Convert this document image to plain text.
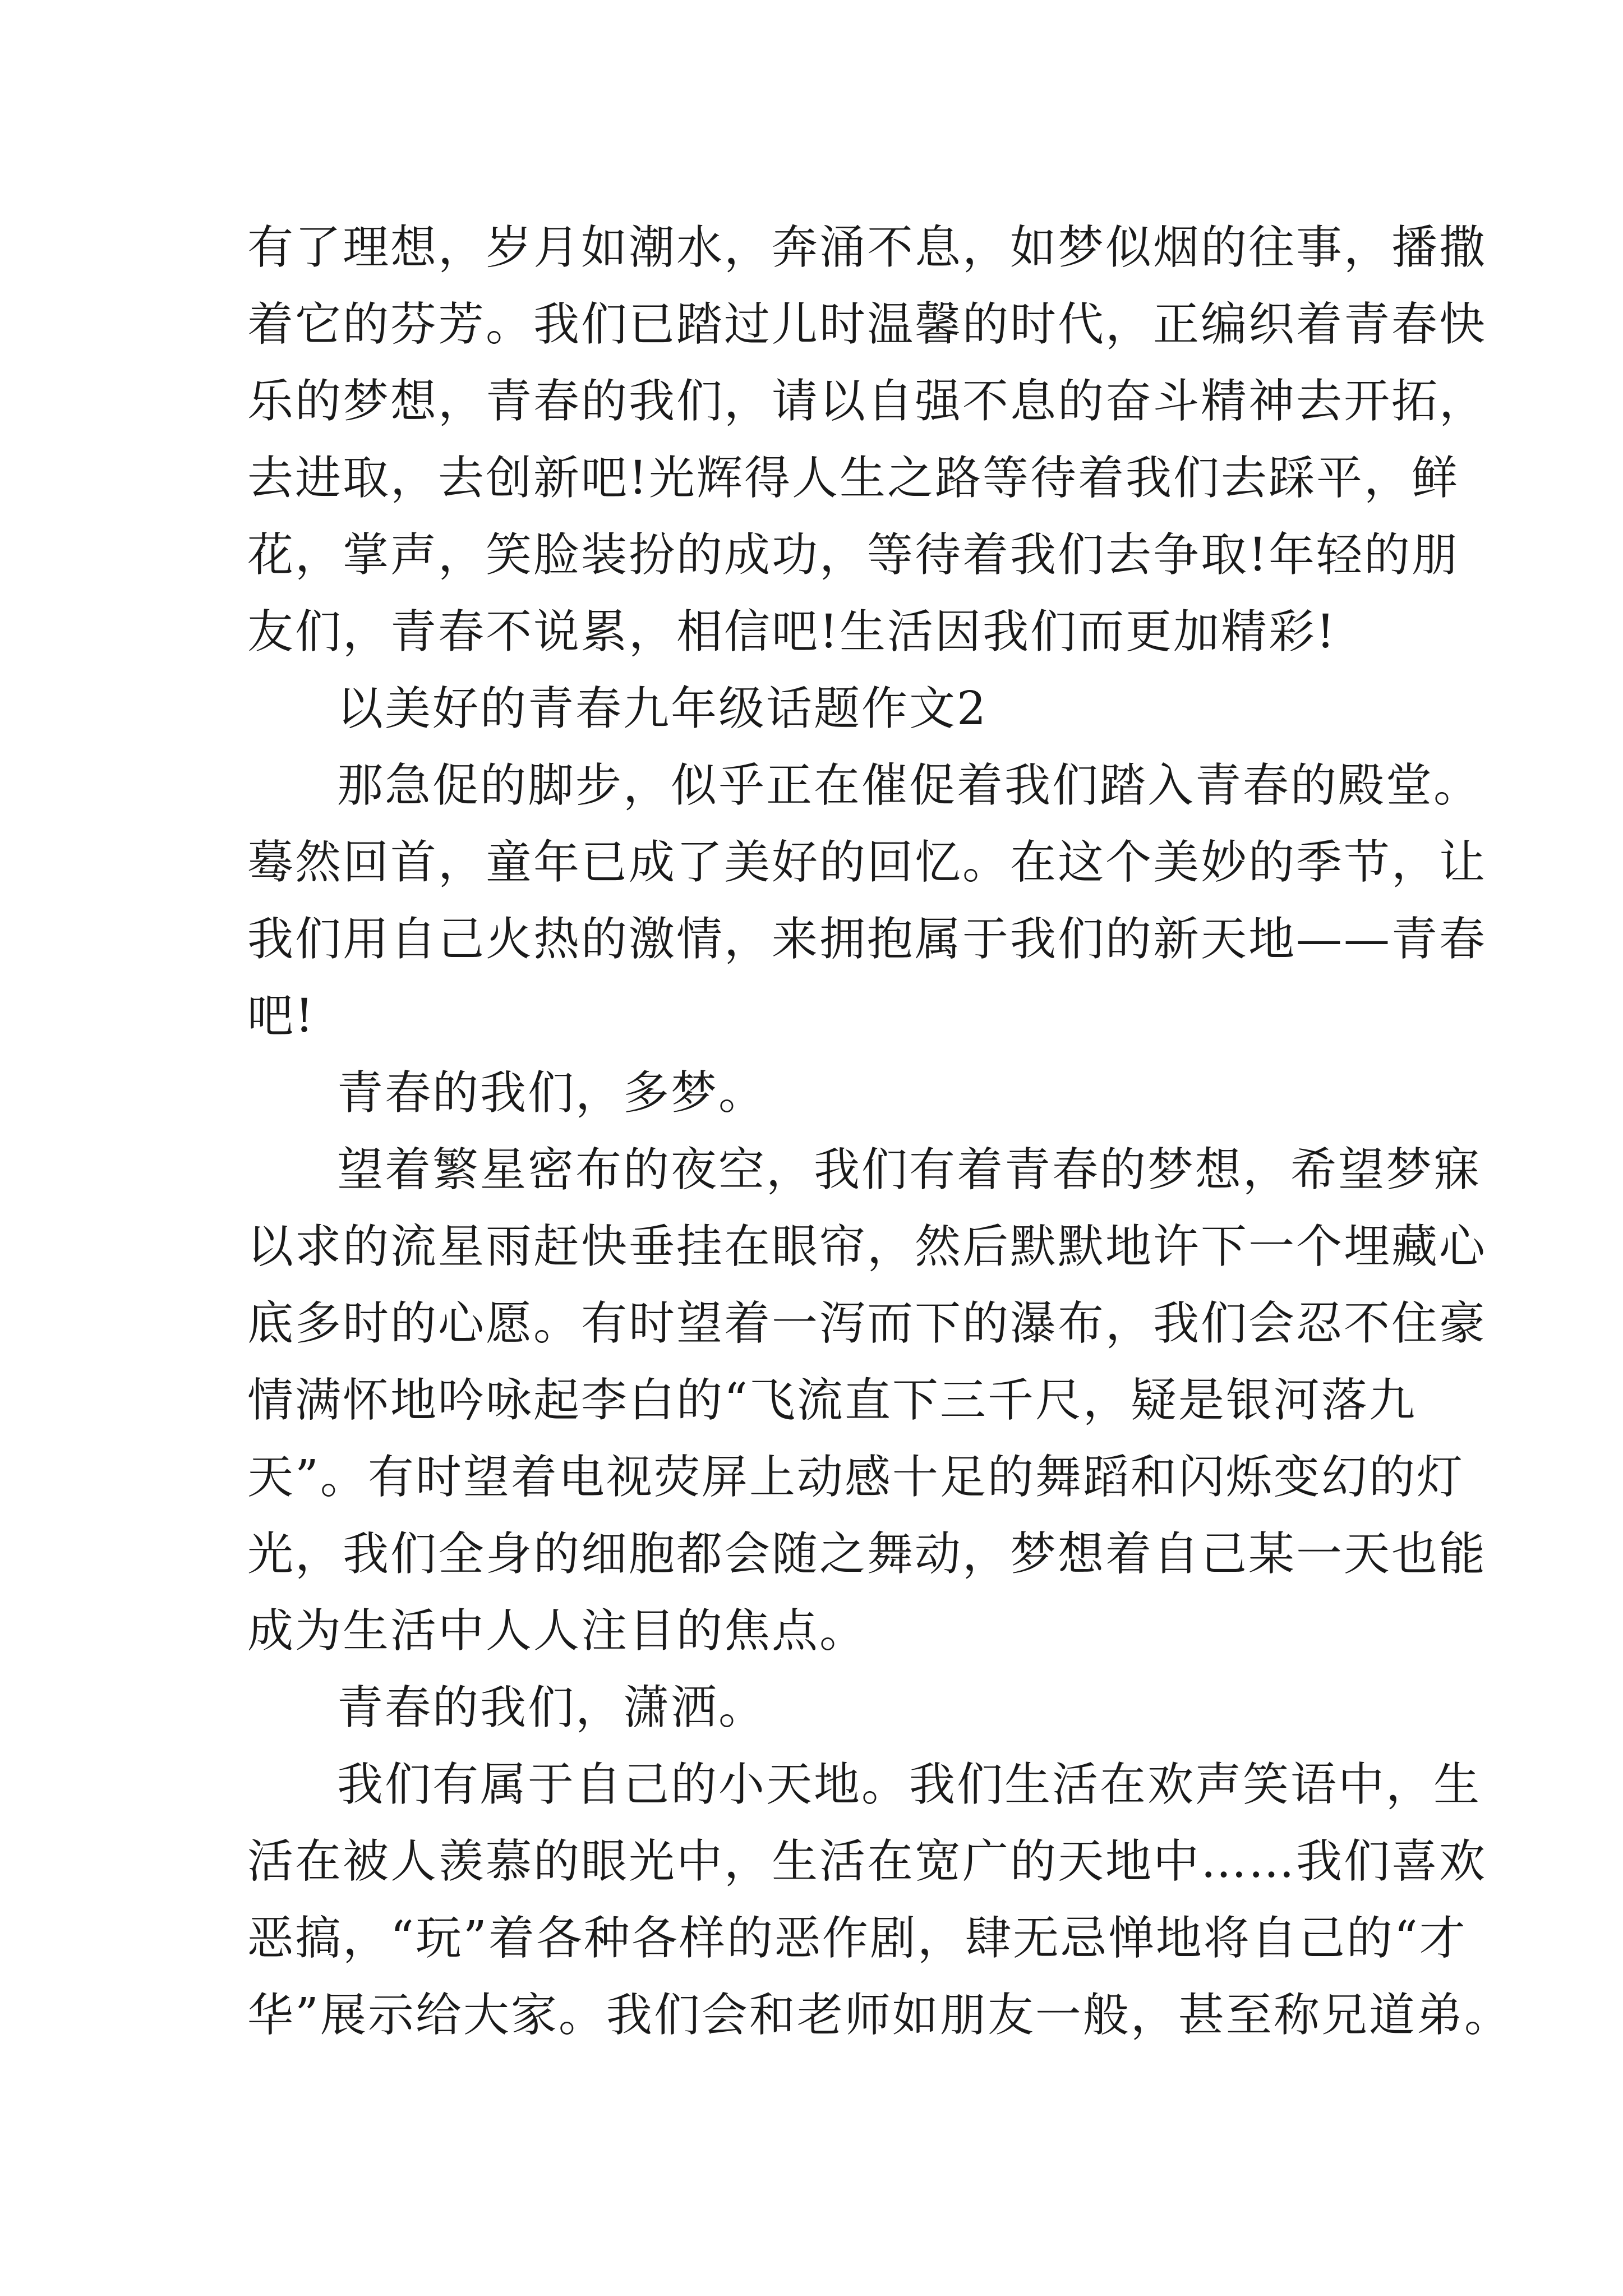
有了理想，岁月如潮水，奔涌不息，如梦似烟的往事，播撒
着它的芬芳。我们已踏过儿时温馨的时代，正编织着青春快
乐的梦想，青春的我们，请以自强不息的奋斗精神去开拓，
去进取，去创新吧!光辉得人生之路等待着我们去踩平，鲜
花，掌声，笑脸装扮的成功，等待着我们去争取!年轻的朋
友们，青春不说累，相信吧!生活因我们而更加精彩!
以美好的青春九年级话题作文2
那急促的脚步，似乎正在催促着我们踏入青春的殿堂。
蓦然回首，童年已成了美好的回忆。在这个美妙的季节，让
我们用自己火热的激情，来拥抱属于我们的新天地——青春
吧!
青春的我们，多梦。
望着繁星密布的夜空，我们有着青春的梦想，希望梦寐
以求的流星雨赶快垂挂在眼帘，然后默默地许下一个埋藏心
底多时的心愿。有时望着一泻而下的瀑布，我们会忍不住豪
情满怀地吟咏起李白的“飞流直下三千尺，疑是银河落九
天”。有时望着电视荧屏上动感十足的舞蹈和闪烁变幻的灯
光，我们全身的细胞都会随之舞动，梦想着自己某一天也能
成为生活中人人注目的焦点。
青春的我们，潇洒。
我们有属于自己的小天地。我们生活在欢声笑语中，生
活在被人羡慕的眼光中，生活在宽广的天地中……我们喜欢
恶搞，“玩”着各种各样的恶作剧，肆无忌惮地将自己的“才
华”展示给大家。我们会和老师如朋友一般，甚至称兄道弟。
